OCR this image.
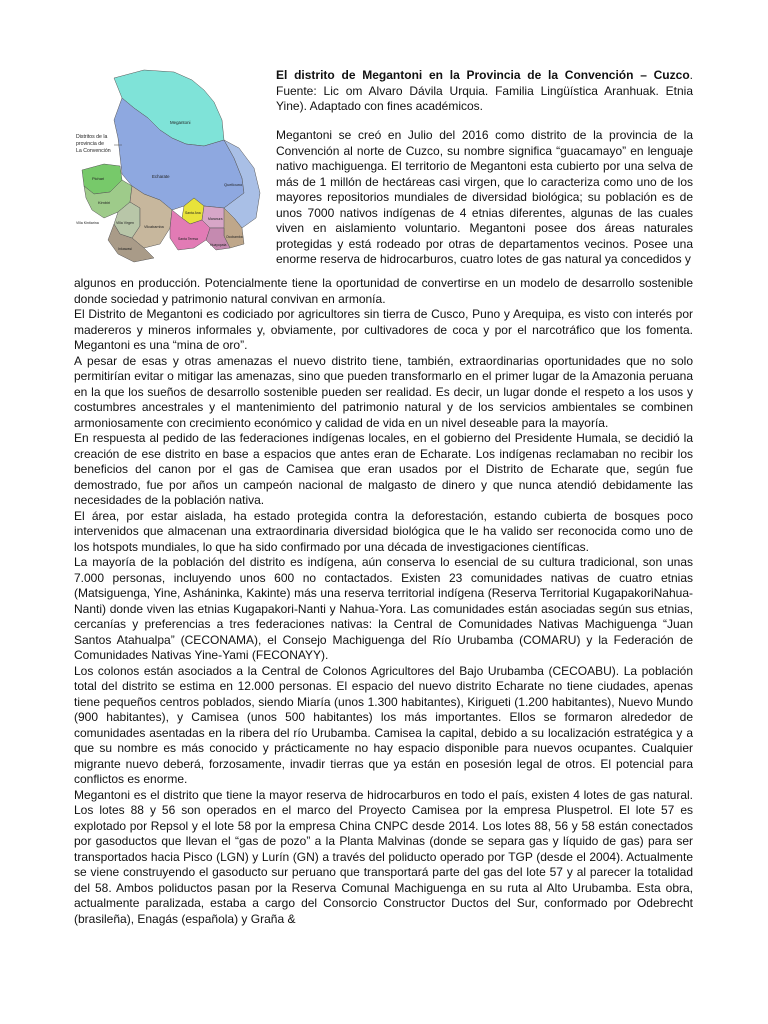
Distritos de la
provincia de
La Convención
Megantoni
Echarate
Pichari
Kimbiri
Villa Kintiarina	Villa Virgen
Vilcabamba
Inkawasi
Quellouno
Santa Ana
Maranura
Ocobamba
Huayopata
Santa Teresa
El distrito de Megantoni en la Provincia de la Convención – Cuzco. Fuente: Lic om Alvaro Dávila Urquia. Familia Lingüística Aranhuak. Etnia Yine). Adaptado con fines académicos.

Megantoni se creó en Julio del 2016 como distrito de la provincia de la Convención al norte de Cuzco, su nombre significa “guacamayo” en lenguaje nativo machiguenga. El territorio de Megantoni esta cubierto por una selva de más de 1 millón de hectáreas casi virgen, que lo caracteriza como uno de los mayores repositorios mundiales de diversidad biológica; su población es de unos 7000 nativos indígenas de 4 etnias diferentes, algunas de las cuales viven en aislamiento voluntario. Megantoni posee dos áreas naturales protegidas y está rodeado por otras de departamentos vecinos. Posee una enorme reserva de hidrocarburos, cuatro lotes de gas natural ya concedidos y

algunos en producción. Potencialmente tiene la oportunidad de convertirse en un modelo de desarrollo sostenible donde sociedad y patrimonio natural convivan en armonía.

El Distrito de Megantoni es codiciado por agricultores sin tierra de Cusco, Puno y Arequipa, es visto con interés por madereros y mineros informales y, obviamente, por cultivadores de coca y por el narcotráfico que los fomenta. Megantoni es una “mina de oro”.

A pesar de esas y otras amenazas el nuevo distrito tiene, también, extraordinarias oportunidades que no solo permitirían evitar o mitigar las amenazas, sino que pueden transformarlo en el primer lugar de la Amazonia peruana en la que los sueños de desarrollo sostenible pueden ser realidad. Es decir, un lugar donde el respeto a los usos y costumbres ancestrales y el mantenimiento del patrimonio natural y de los servicios ambientales se combinen armoniosamente con crecimiento económico y calidad de vida en un nivel deseable para la mayoría.

En respuesta al pedido de las federaciones indígenas locales, en el gobierno del Presidente Humala, se decidió la creación de ese distrito en base a espacios que antes eran de Echarate. Los indígenas reclamaban no recibir los beneficios del canon por el gas de Camisea que eran usados por el Distrito de Echarate que, según fue demostrado, fue por años un campeón nacional de malgasto de dinero y que nunca atendió debidamente las necesidades de la población nativa.

El área, por estar aislada, ha estado protegida contra la deforestación, estando cubierta de bosques poco intervenidos que almacenan una extraordinaria diversidad biológica que le ha valido ser reconocida como uno de los hotspots mundiales, lo que ha sido confirmado por una década de investigaciones científicas.

La mayoría de la población del distrito es indígena, aún conserva lo esencial de su cultura tradicional, son unas 7.000 personas, incluyendo unos 600 no contactados. Existen 23 comunidades nativas de cuatro etnias (Matsiguenga, Yine, Asháninka, Kakinte) más una reserva territorial indígena (Reserva Territorial KugapakoriNahua-Nanti) donde viven las etnias Kugapakori-Nanti y Nahua-Yora. Las comunidades están asociadas según sus etnias, cercanías y preferencias a tres federaciones nativas: la Central de Comunidades Nativas Machiguenga “Juan Santos Atahualpa” (CECONAMA), el Consejo Machiguenga del Río Urubamba (COMARU) y la Federación de Comunidades Nativas Yine-Yami (FECONAYY).

Los colonos están asociados a la Central de Colonos Agricultores del Bajo Urubamba (CECOABU). La población total del distrito se estima en 12.000 personas. El espacio del nuevo distrito Echarate no tiene ciudades, apenas tiene pequeños centros poblados, siendo Miaría (unos 1.300 habitantes), Kirigueti (1.200 habitantes), Nuevo Mundo (900 habitantes), y Camisea (unos 500 habitantes) los más importantes. Ellos se formaron alrededor de comunidades asentadas en la ribera del río Urubamba. Camisea la capital, debido a su localización estratégica y a que su nombre es más conocido y prácticamente no hay espacio disponible para nuevos ocupantes. Cualquier migrante nuevo deberá, forzosamente, invadir tierras que ya están en posesión legal de otros. El potencial para conflictos es enorme.

Megantoni es el distrito que tiene la mayor reserva de hidrocarburos en todo el país, existen 4 lotes de gas natural. Los lotes 88 y 56 son operados en el marco del Proyecto Camisea por la empresa Pluspetrol. El lote 57 es explotado por Repsol y el lote 58 por la empresa China CNPC desde 2014. Los lotes 88, 56 y 58 están conectados por gasoductos que llevan el “gas de pozo” a la Planta Malvinas (donde se separa gas y líquido de gas) para ser transportados hacia Pisco (LGN) y Lurín (GN) a través del poliducto operado por TGP (desde el 2004). Actualmente se viene construyendo el gasoducto sur peruano que transportará parte del gas del lote 57 y al parecer la totalidad del 58. Ambos poliductos pasan por la Reserva Comunal Machiguenga en su ruta al Alto Urubamba. Esta obra, actualmente paralizada, estaba a cargo del Consorcio Constructor Ductos del Sur, conformado por Odebrecht (brasileña), Enagás (española) y Graña &
